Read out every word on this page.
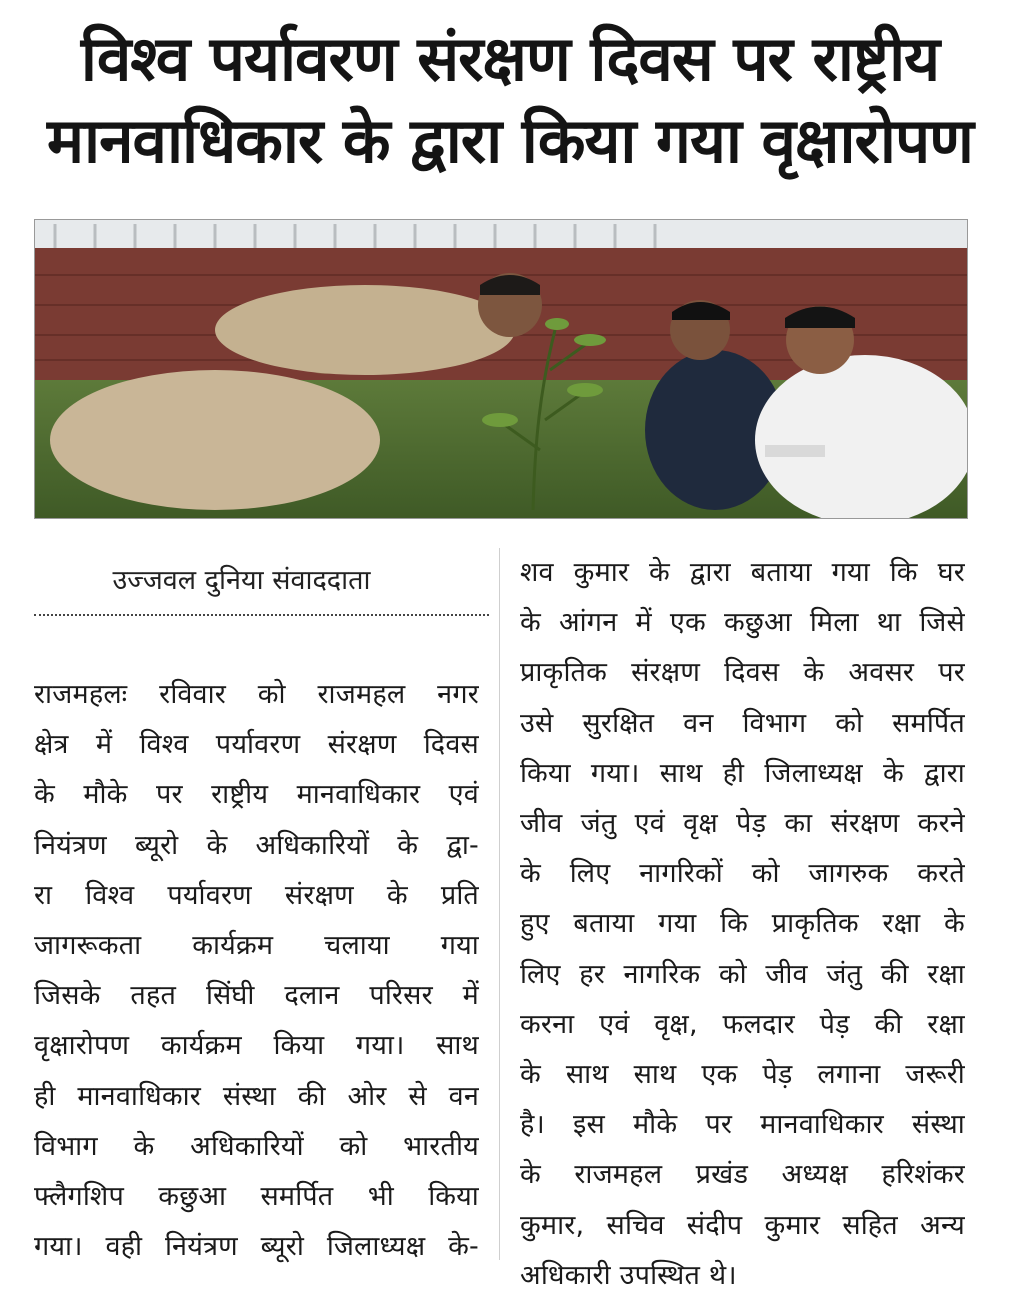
विश्व पर्यावरण संरक्षण दिवस पर राष्ट्रीय
मानवाधिकार के द्वारा किया गया वृक्षारोपण
उज्जवल दुनिया संवाददाता
राजमहलः रविवार को राजमहल नगर
क्षेत्र में विश्व पर्यावरण संरक्षण दिवस
के मौके पर राष्ट्रीय मानवाधिकार एवं
नियंत्रण ब्यूरो के अधिकारियों के द्वा-
रा विश्व पर्यावरण संरक्षण के प्रति
जागरूकता कार्यक्रम चलाया गया
जिसके तहत सिंघी दलान परिसर में
वृक्षारोपण कार्यक्रम किया गया। साथ
ही मानवाधिकार संस्था की ओर से वन
विभाग के अधिकारियों को भारतीय
फ्लैगशिप कछुआ समर्पित भी किया
गया। वही नियंत्रण ब्यूरो जिलाध्यक्ष के-
शव कुमार के द्वारा बताया गया कि घर
के आंगन में एक कछुआ मिला था जिसे
प्राकृतिक संरक्षण दिवस के अवसर पर
उसे सुरक्षित वन विभाग को समर्पित
किया गया। साथ ही जिलाध्यक्ष के द्वारा
जीव जंतु एवं वृक्ष पेड़ का संरक्षण करने
के लिए नागरिकों को जागरुक करते
हुए बताया गया कि प्राकृतिक रक्षा के
लिए हर नागरिक को जीव जंतु की रक्षा
करना एवं वृक्ष, फलदार पेड़ की रक्षा
के साथ साथ एक पेड़ लगाना जरूरी
है। इस मौके पर मानवाधिकार संस्था
के राजमहल प्रखंड अध्यक्ष हरिशंकर
कुमार, सचिव संदीप कुमार सहित अन्य
अधिकारी उपस्थित थे।
